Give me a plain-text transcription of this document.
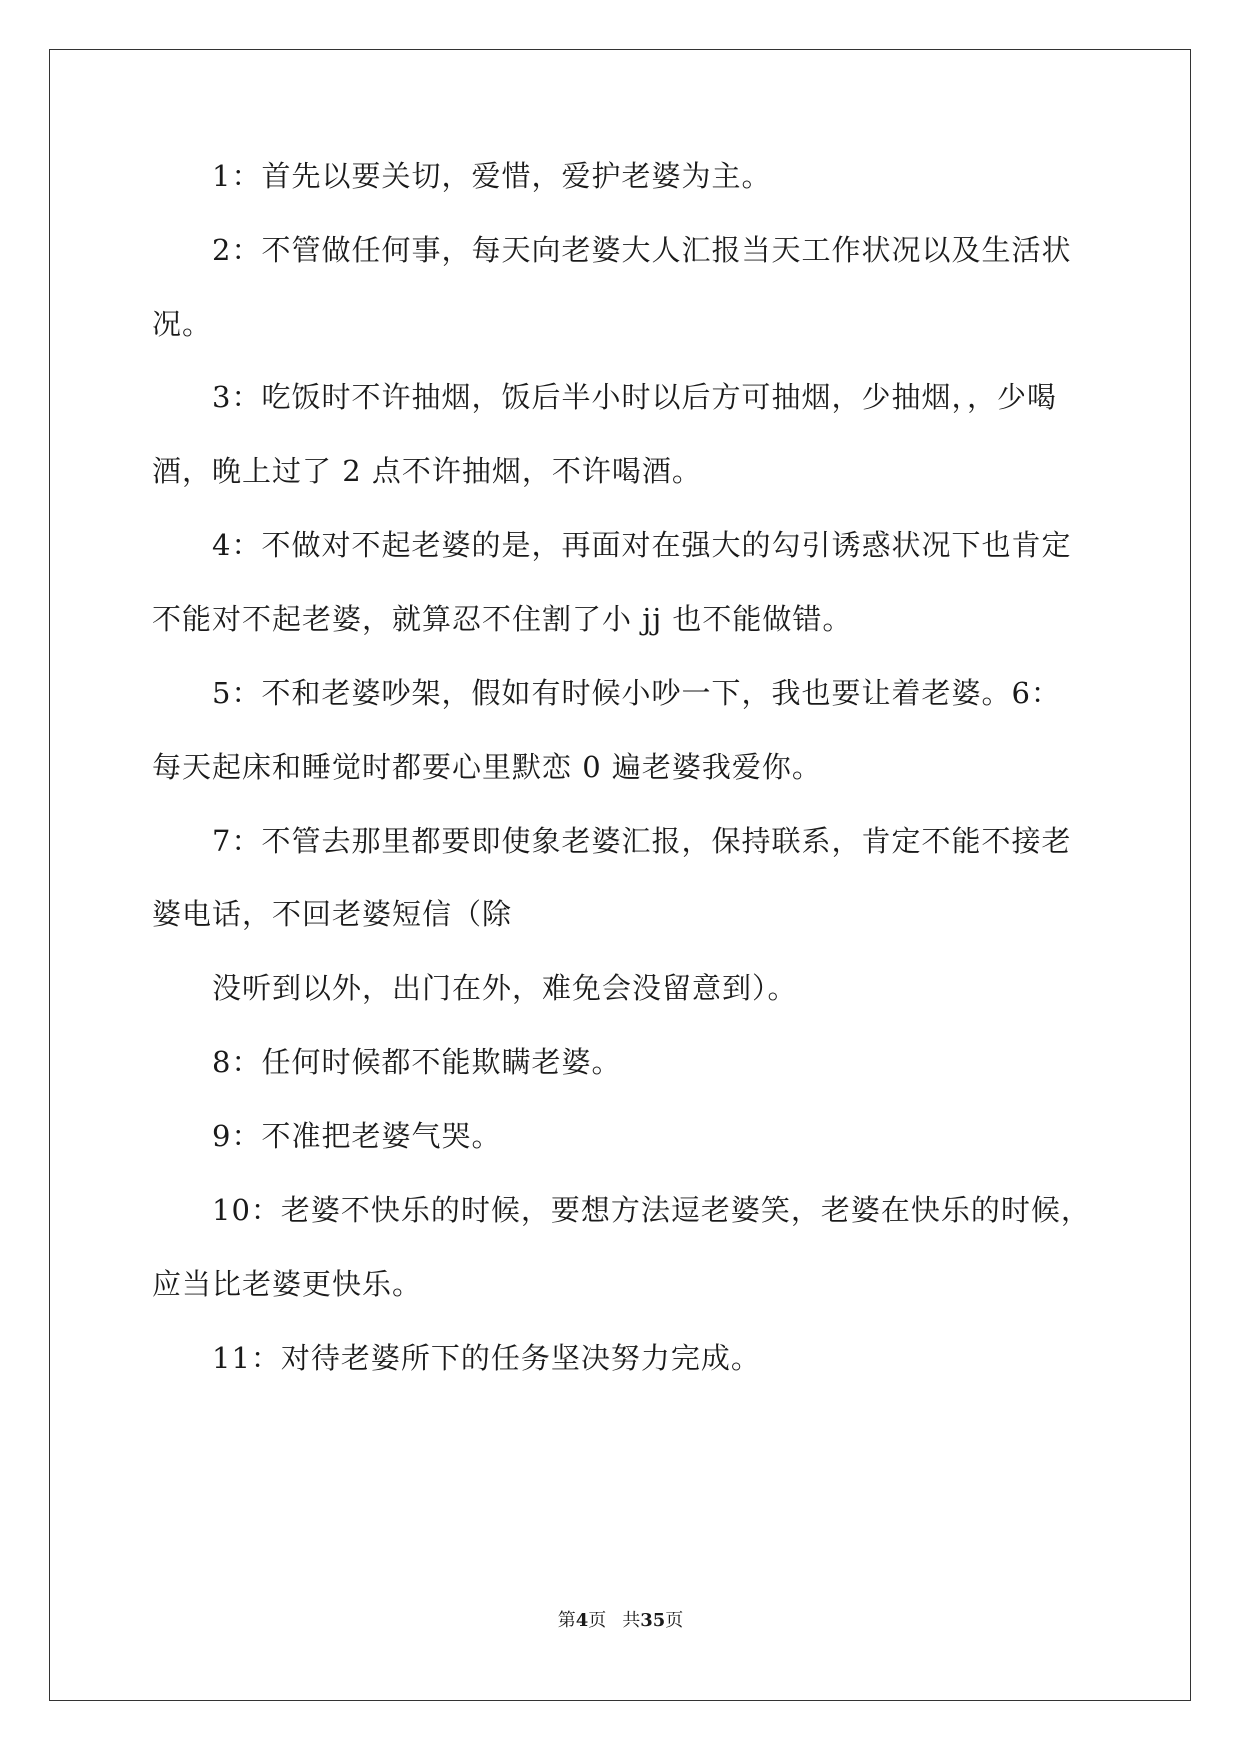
1：首先以要关切，爱惜，爱护老婆为主。

2：不管做任何事，每天向老婆大人汇报当天工作状况以及生活状

况。

3：吃饭时不许抽烟，饭后半小时以后方可抽烟，少抽烟，，少喝

酒，晚上过了 2 点不许抽烟，不许喝酒。

4：不做对不起老婆的是，再面对在强大的勾引诱惑状况下也肯定

不能对不起老婆，就算忍不住割了小 jj 也不能做错。

5：不和老婆吵架，假如有时候小吵一下，我也要让着老婆。6：

每天起床和睡觉时都要心里默恋 0 遍老婆我爱你。

7：不管去那里都要即使象老婆汇报，保持联系，肯定不能不接老

婆电话，不回老婆短信（除

没听到以外，出门在外，难免会没留意到）。

8：任何时候都不能欺瞒老婆。

9：不准把老婆气哭。

10：老婆不快乐的时候，要想方法逗老婆笑，老婆在快乐的时候，

应当比老婆更快乐。

11：对待老婆所下的任务坚决努力完成。

第4页 共35页
